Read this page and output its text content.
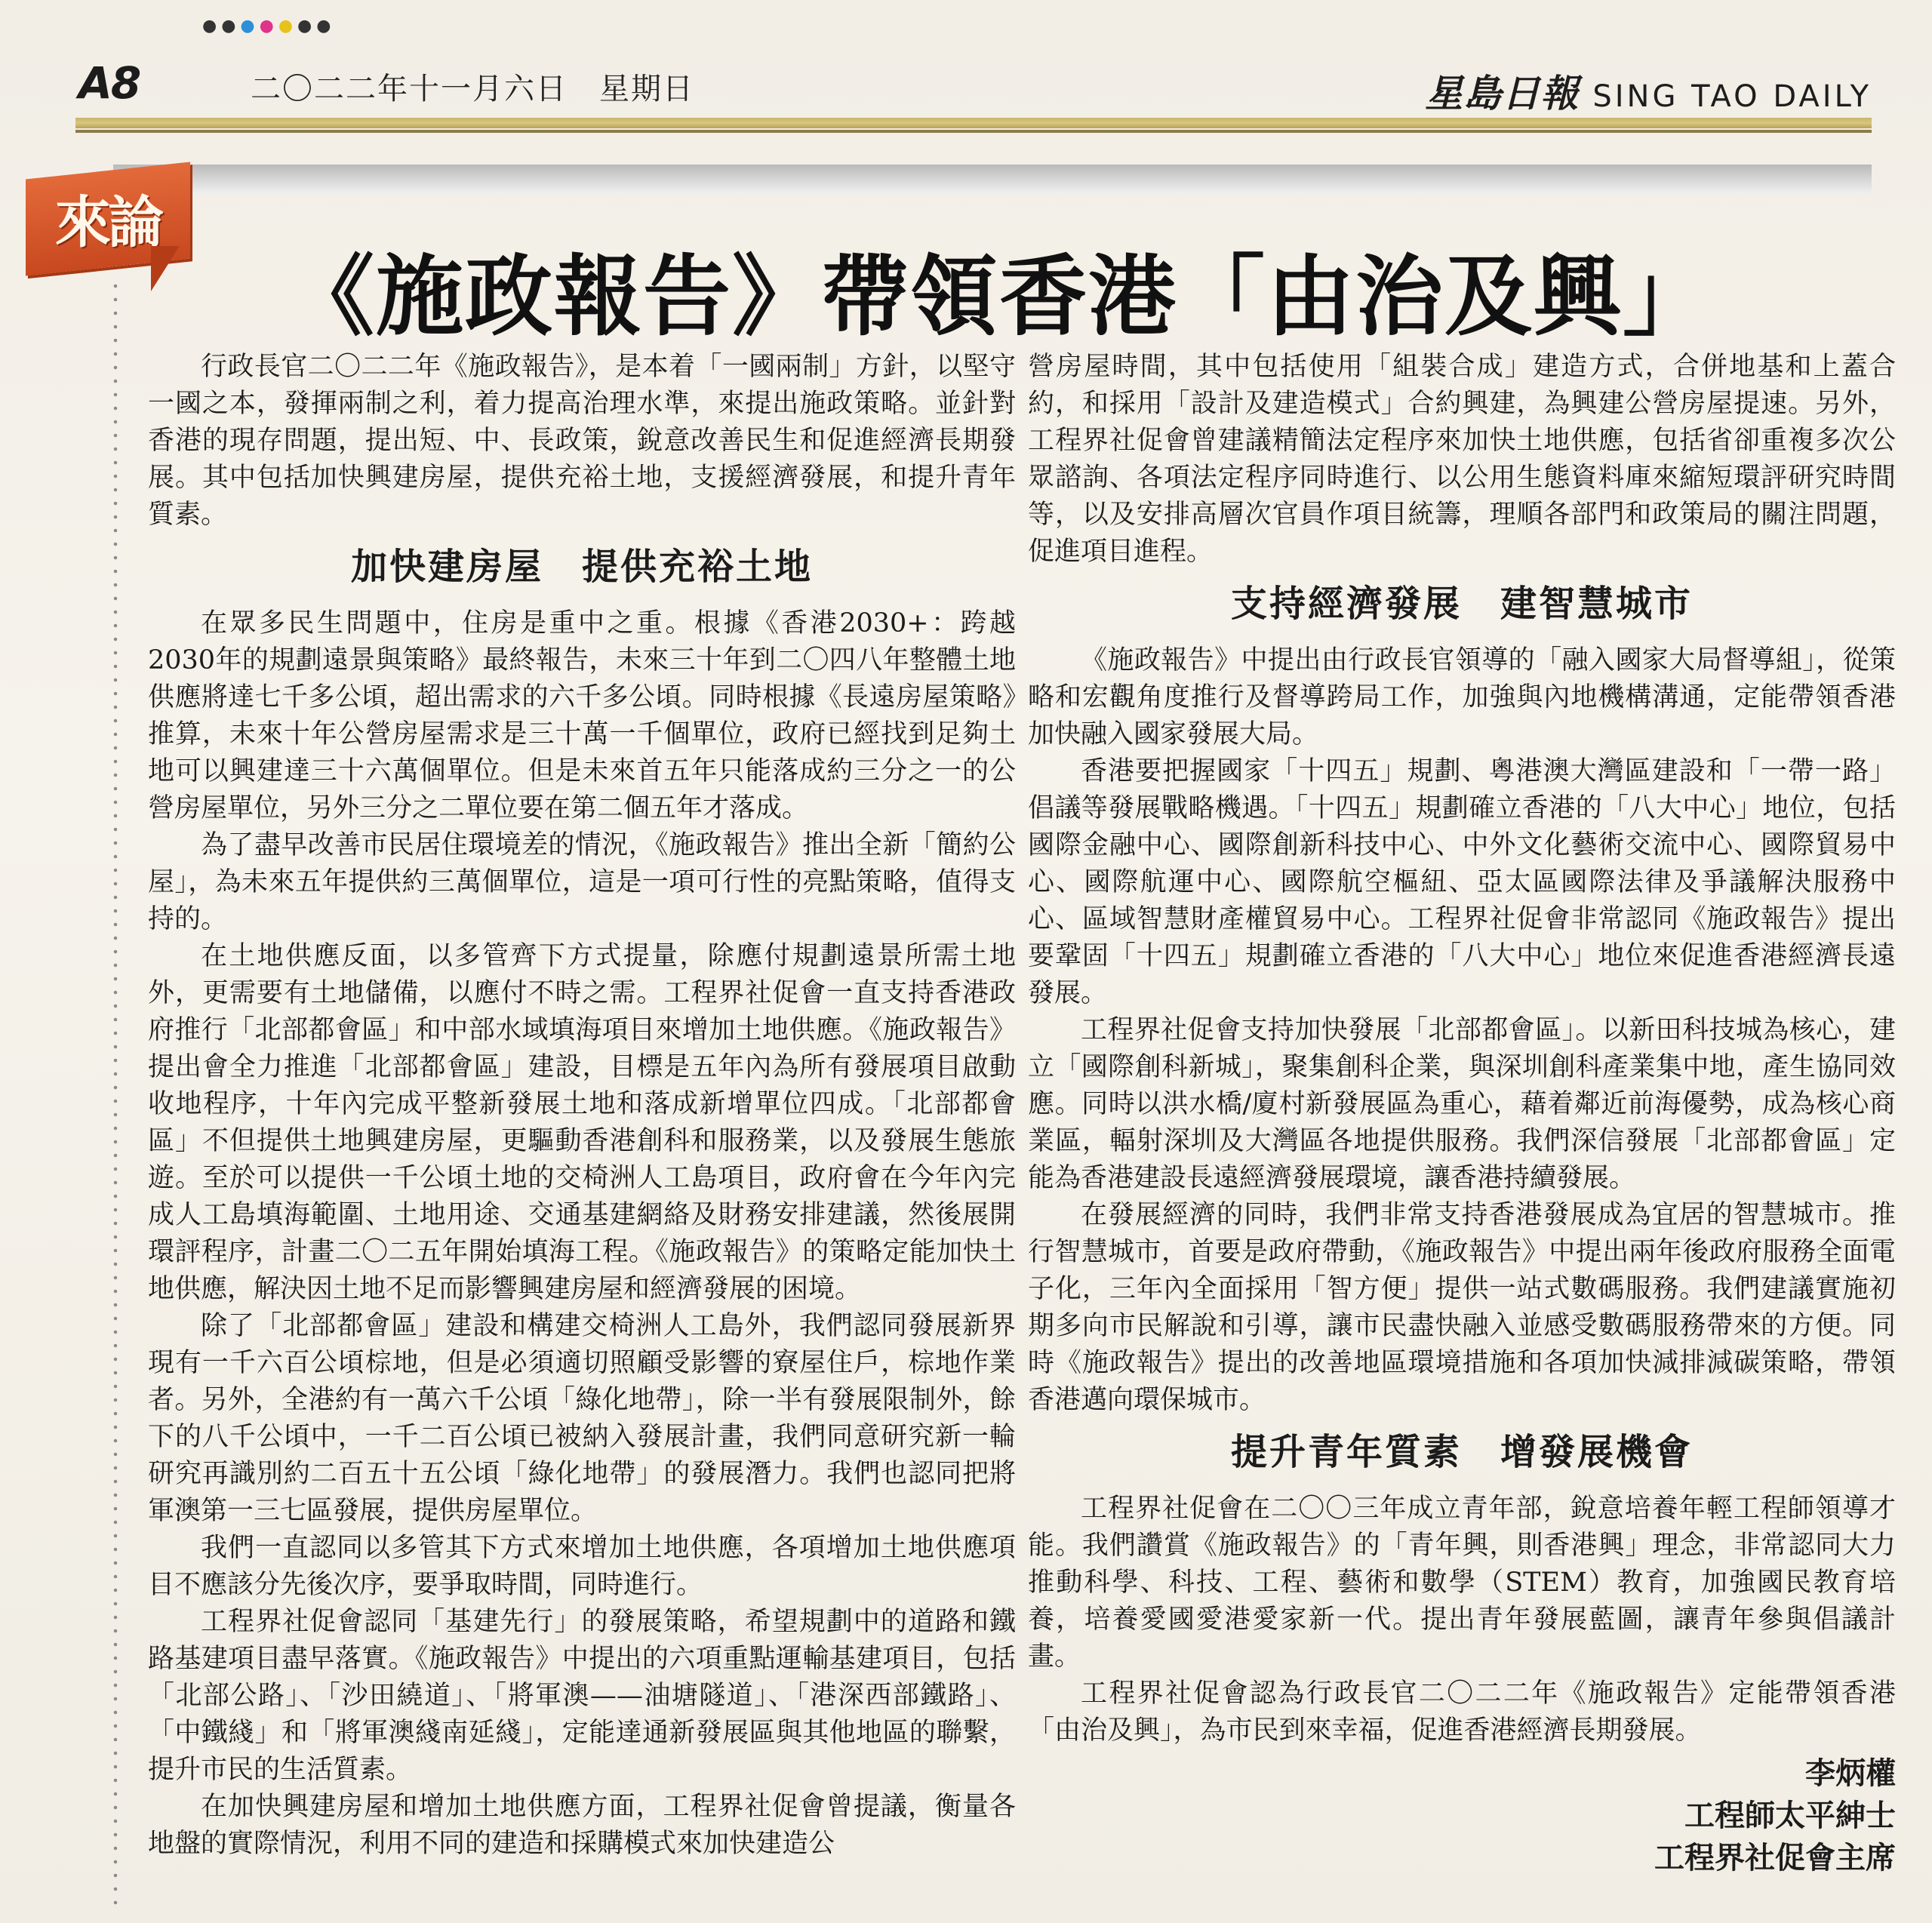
●●●●●●●
A8	二〇二二年十一月六日　星期日	星島日報 SING TAO DAILY
來論
《施政報告》帶領香港「由治及興」

行政長官二〇二二年《施政報告》，是本着「一國兩制」方針，以堅守一國之本，發揮兩制之利，着力提高治理水準，來提出施政策略。並針對香港的現存問題，提出短、中、長政策，銳意改善民生和促進經濟長期發展。其中包括加快興建房屋，提供充裕土地，支援經濟發展，和提升青年質素。

加快建房屋　提供充裕土地

在眾多民生問題中，住房是重中之重。根據《香港2030+：跨越2030年的規劃遠景與策略》最終報告，未來三十年到二〇四八年整體土地供應將達七千多公頃，超出需求的六千多公頃。同時根據《長遠房屋策略》推算，未來十年公營房屋需求是三十萬一千個單位，政府已經找到足夠土地可以興建達三十六萬個單位。但是未來首五年只能落成約三分之一的公營房屋單位，另外三分之二單位要在第二個五年才落成。

為了盡早改善市民居住環境差的情況，《施政報告》推出全新「簡約公屋」，為未來五年提供約三萬個單位，這是一項可行性的亮點策略，值得支持的。

在土地供應反面，以多管齊下方式提量，除應付規劃遠景所需土地外，更需要有土地儲備，以應付不時之需。工程界社促會一直支持香港政府推行「北部都會區」和中部水域填海項目來增加土地供應。《施政報告》提出會全力推進「北部都會區」建設，目標是五年內為所有發展項目啟動收地程序，十年內完成平整新發展土地和落成新增單位四成。「北部都會區」不但提供土地興建房屋，更驅動香港創科和服務業，以及發展生態旅遊。至於可以提供一千公頃土地的交椅洲人工島項目，政府會在今年內完成人工島填海範圍、土地用途、交通基建網絡及財務安排建議，然後展開環評程序，計畫二〇二五年開始填海工程。《施政報告》的策略定能加快土地供應，解決因土地不足而影響興建房屋和經濟發展的困境。

除了「北部都會區」建設和構建交椅洲人工島外，我們認同發展新界現有一千六百公頃棕地，但是必須適切照顧受影響的寮屋住戶，棕地作業者。另外，全港約有一萬六千公頃「綠化地帶」，除一半有發展限制外，餘下的八千公頃中，一千二百公頃已被納入發展計畫，我們同意研究新一輪研究再識別約二百五十五公頃「綠化地帶」的發展潛力。我們也認同把將軍澳第一三七區發展，提供房屋單位。

我們一直認同以多管其下方式來增加土地供應，各項增加土地供應項目不應該分先後次序，要爭取時間，同時進行。

工程界社促會認同「基建先行」的發展策略，希望規劃中的道路和鐵路基建項目盡早落實。《施政報告》中提出的六項重點運輸基建項目，包括「北部公路」、「沙田繞道」、「將軍澳——油塘隧道」、「港深西部鐵路」、「中鐵綫」和「將軍澳綫南延綫」，定能達通新發展區與其他地區的聯繫，提升市民的生活質素。

在加快興建房屋和增加土地供應方面，工程界社促會曾提議，衡量各地盤的實際情況，利用不同的建造和採購模式來加快建造公

營房屋時間，其中包括使用「組裝合成」建造方式，合併地基和上蓋合約，和採用「設計及建造模式」合約興建，為興建公營房屋提速。另外，工程界社促會曾建議精簡法定程序來加快土地供應，包括省卻重複多次公眾諮詢、各項法定程序同時進行、以公用生態資料庫來縮短環評研究時間等，以及安排高層次官員作項目統籌，理順各部門和政策局的關注問題，促進項目進程。

支持經濟發展　建智慧城市

《施政報告》中提出由行政長官領導的「融入國家大局督導組」，從策略和宏觀角度推行及督導跨局工作，加強與內地機構溝通，定能帶領香港加快融入國家發展大局。

香港要把握國家「十四五」規劃、粵港澳大灣區建設和「一帶一路」倡議等發展戰略機遇。「十四五」規劃確立香港的「八大中心」地位，包括國際金融中心、國際創新科技中心、中外文化藝術交流中心、國際貿易中心、國際航運中心、國際航空樞紐、亞太區國際法律及爭議解決服務中心、區域智慧財產權貿易中心。工程界社促會非常認同《施政報告》提出要鞏固「十四五」規劃確立香港的「八大中心」地位來促進香港經濟長遠發展。

工程界社促會支持加快發展「北部都會區」。以新田科技城為核心，建立「國際創科新城」，聚集創科企業，與深圳創科產業集中地，產生協同效應。同時以洪水橋/廈村新發展區為重心，藉着鄰近前海優勢，成為核心商業區，輻射深圳及大灣區各地提供服務。我們深信發展「北部都會區」定能為香港建設長遠經濟發展環境，讓香港持續發展。

在發展經濟的同時，我們非常支持香港發展成為宜居的智慧城市。推行智慧城市，首要是政府帶動，《施政報告》中提出兩年後政府服務全面電子化，三年內全面採用「智方便」提供一站式數碼服務。我們建議實施初期多向市民解說和引導，讓市民盡快融入並感受數碼服務帶來的方便。同時《施政報告》提出的改善地區環境措施和各項加快減排減碳策略，帶領香港邁向環保城市。

提升青年質素　增發展機會

工程界社促會在二〇〇三年成立青年部，銳意培養年輕工程師領導才能。我們讚賞《施政報告》的「青年興，則香港興」理念，非常認同大力推動科學、科技、工程、藝術和數學（STEM）教育，加強國民教育培養，培養愛國愛港愛家新一代。提出青年發展藍圖，讓青年參與倡議計畫。

工程界社促會認為行政長官二〇二二年《施政報告》定能帶領香港「由治及興」，為市民到來幸福，促進香港經濟長期發展。

李炳權
工程師太平紳士
工程界社促會主席
